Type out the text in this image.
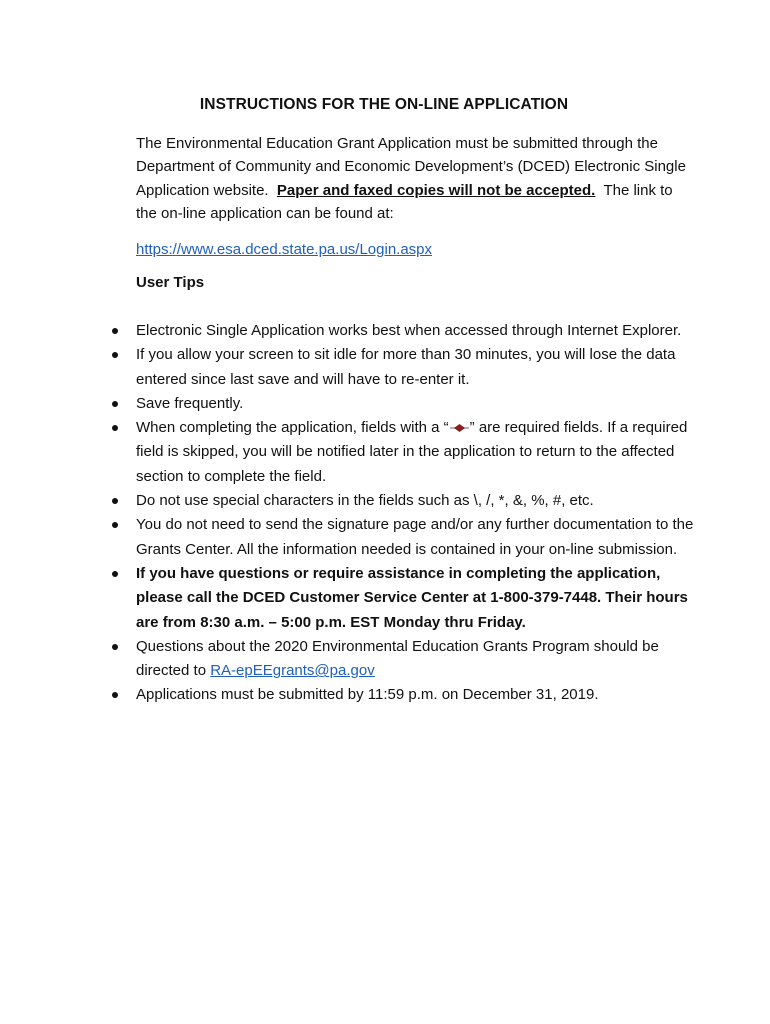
INSTRUCTIONS FOR THE ON-LINE APPLICATION

The Environmental Education Grant Application must be submitted through the Department of Community and Economic Development’s (DCED) Electronic Single Application website. Paper and faxed copies will not be accepted. The link to the on-line application can be found at:

https://www.esa.dced.state.pa.us/Login.aspx

User Tips

Electronic Single Application works best when accessed through Internet Explorer.
If you allow your screen to sit idle for more than 30 minutes, you will lose the data entered since last save and will have to re-enter it.
Save frequently.
When completing the application, fields with a “ ” are required fields. If a required field is skipped, you will be notified later in the application to return to the affected section to complete the field.
Do not use special characters in the fields such as \, /, *, &, %, #, etc.
You do not need to send the signature page and/or any further documentation to the Grants Center. All the information needed is contained in your on-line submission.
If you have questions or require assistance in completing the application, please call the DCED Customer Service Center at 1-800-379-7448. Their hours are from 8:30 a.m. – 5:00 p.m. EST Monday thru Friday.
Questions about the 2020 Environmental Education Grants Program should be directed to RA-epEEgrants@pa.gov
Applications must be submitted by 11:59 p.m. on December 31, 2019.
